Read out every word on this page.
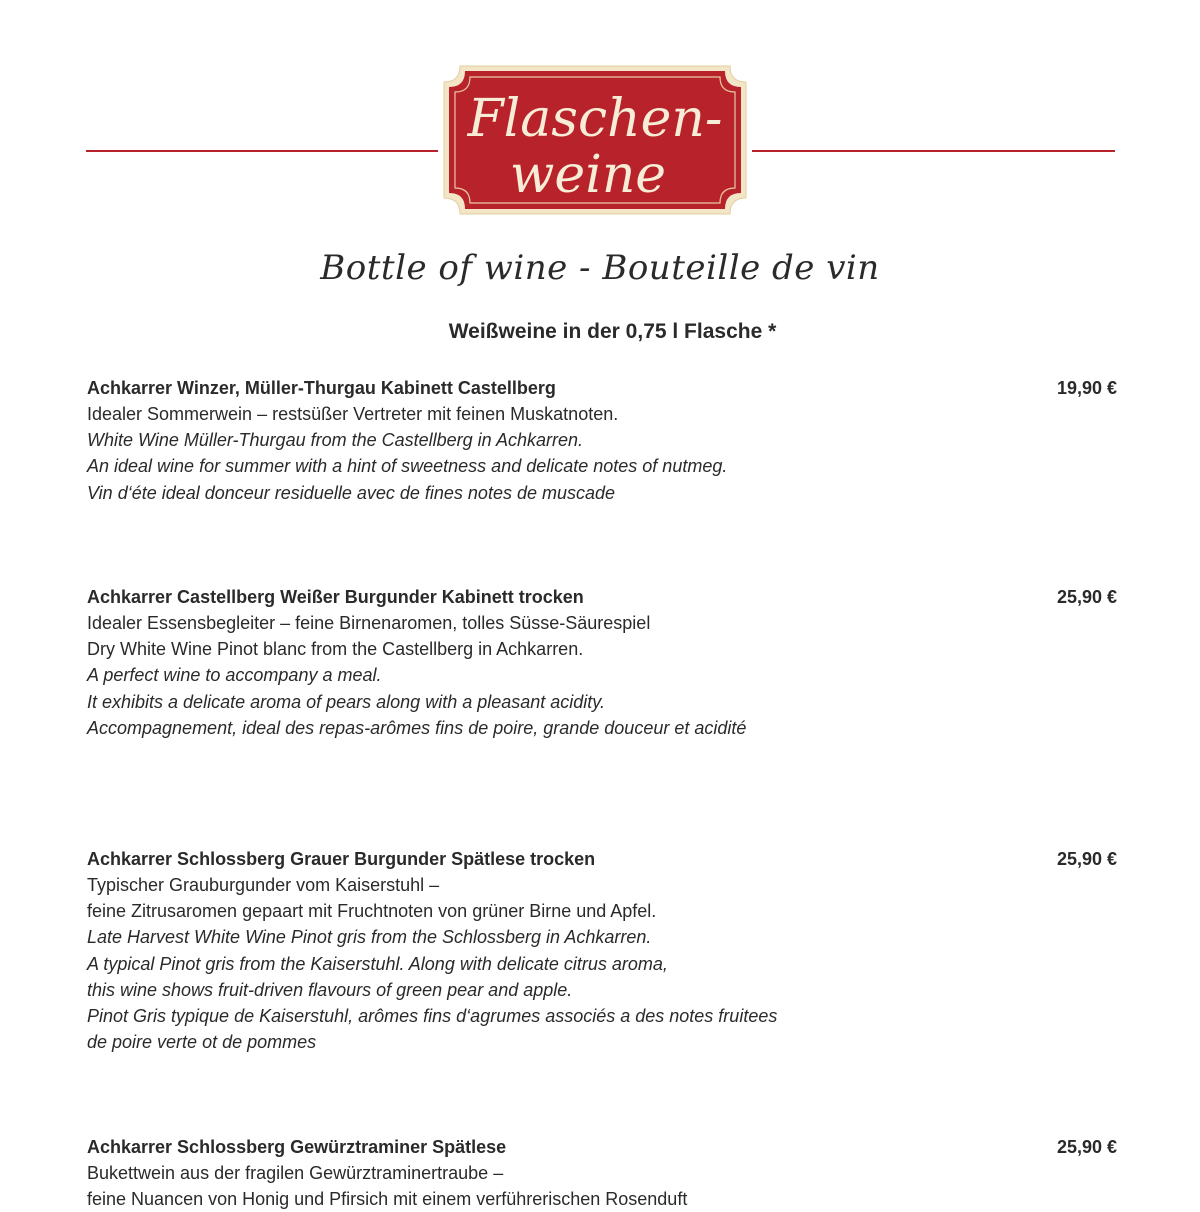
Flaschen-
weine
Bottle of wine - Bouteille de vin
Weißweine in der 0,75 l Flasche *
Achkarrer Winzer, Müller-Thurgau Kabinett Castellberg	19,90 €
Idealer Sommerwein – restsüßer Vertreter mit feinen Muskatnoten.
White Wine Müller-Thurgau from the Castellberg in Achkarren.
An ideal wine for summer with a hint of sweetness and delicate notes of nutmeg.
Vin d‘éte ideal donceur residuelle avec de fines notes de muscade
Achkarrer Castellberg Weißer Burgunder Kabinett trocken	25,90 €
Idealer Essensbegleiter – feine Birnenaromen, tolles Süsse-Säurespiel
Dry White Wine Pinot blanc from the Castellberg in Achkarren.
A perfect wine to accompany a meal.
It exhibits a delicate aroma of pears along with a pleasant acidity.
Accompagnement, ideal des repas-arômes fins de poire, grande douceur et acidité
Achkarrer Schlossberg Grauer Burgunder Spätlese trocken	25,90 €
Typischer Grauburgunder vom Kaiserstuhl –
feine Zitrusaromen gepaart mit Fruchtnoten von grüner Birne und Apfel.
Late Harvest White Wine Pinot gris from the Schlossberg in Achkarren.
A typical Pinot gris from the Kaiserstuhl. Along with delicate citrus aroma,
this wine shows fruit-driven flavours of green pear and apple.
Pinot Gris typique de Kaiserstuhl, arômes fins d‘agrumes associés a des notes fruitees
de poire verte ot de pommes
Achkarrer Schlossberg Gewürztraminer Spätlese	25,90 €
Bukettwein aus der fragilen Gewürztraminertraube –
feine Nuancen von Honig und Pfirsich mit einem verführerischen Rosenduft
